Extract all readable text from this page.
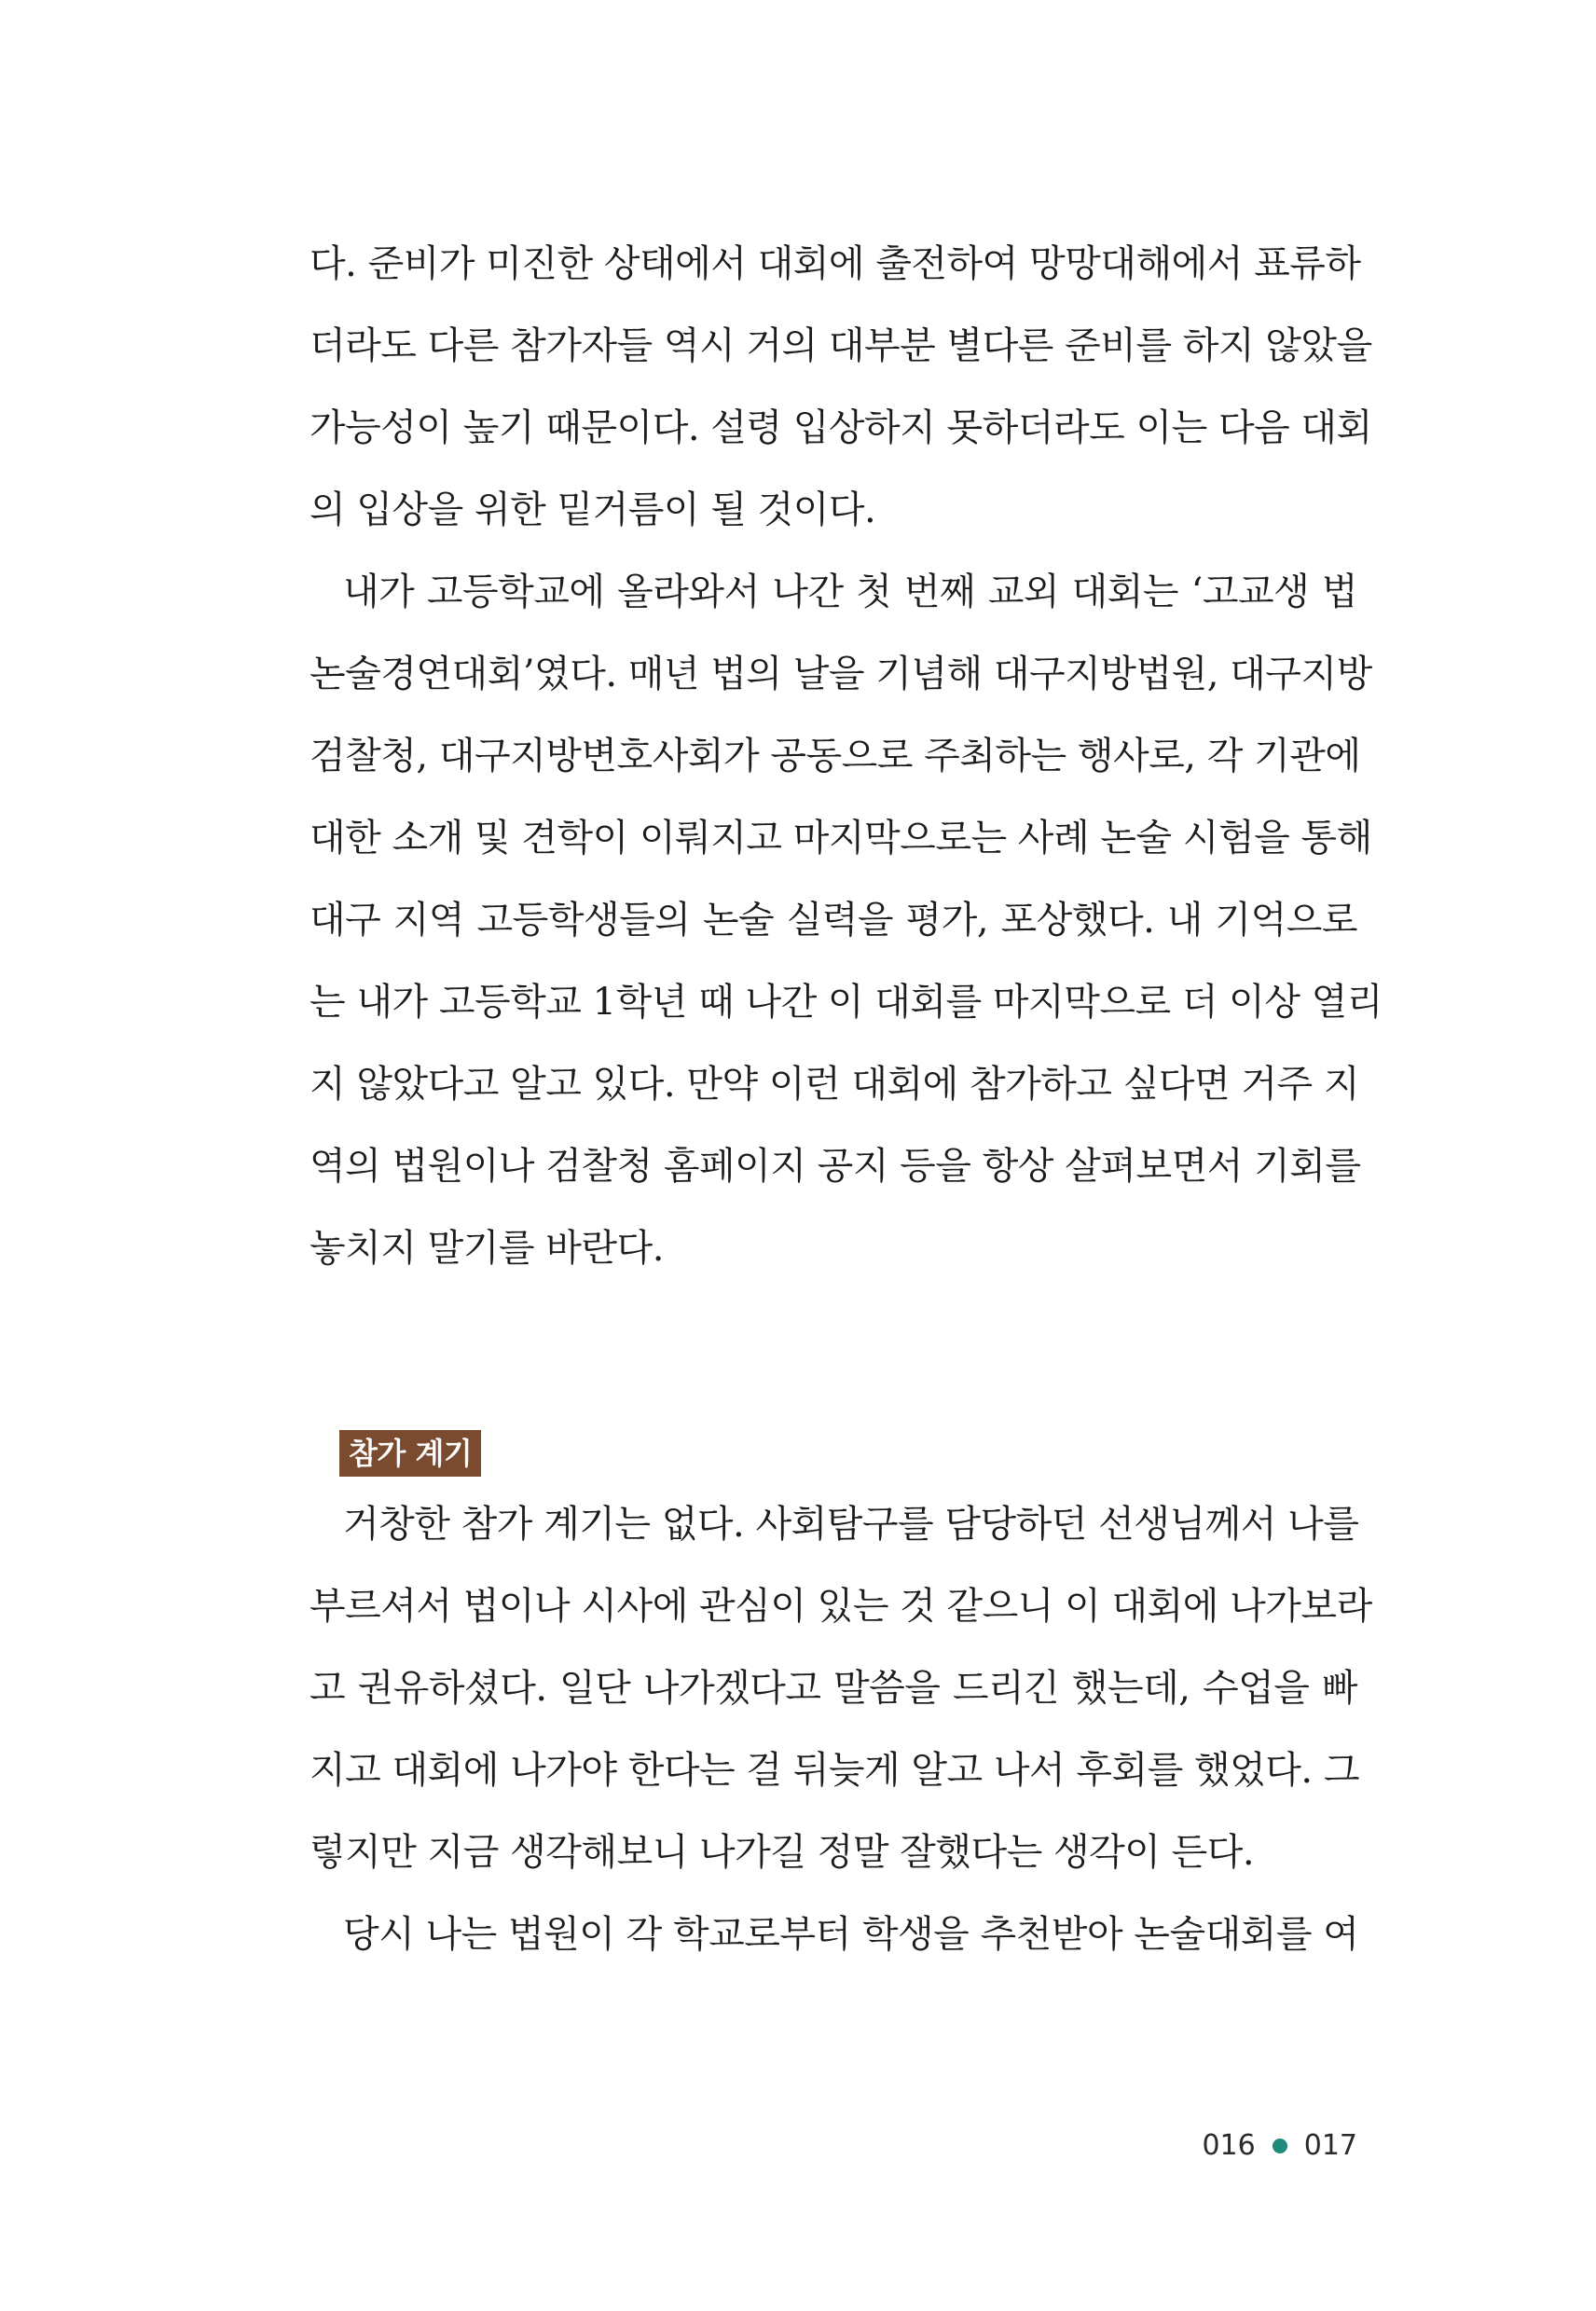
다. 준비가 미진한 상태에서 대회에 출전하여 망망대해에서 표류하
더라도 다른 참가자들 역시 거의 대부분 별다른 준비를 하지 않았을
가능성이 높기 때문이다. 설령 입상하지 못하더라도 이는 다음 대회
의 입상을 위한 밑거름이 될 것이다.
내가 고등학교에 올라와서 나간 첫 번째 교외 대회는 ‘고교생 법
논술경연대회’였다. 매년 법의 날을 기념해 대구지방법원, 대구지방
검찰청, 대구지방변호사회가 공동으로 주최하는 행사로, 각 기관에
대한 소개 및 견학이 이뤄지고 마지막으로는 사례 논술 시험을 통해
대구 지역 고등학생들의 논술 실력을 평가, 포상했다. 내 기억으로
는 내가 고등학교 1학년 때 나간 이 대회를 마지막으로 더 이상 열리
지 않았다고 알고 있다. 만약 이런 대회에 참가하고 싶다면 거주 지
역의 법원이나 검찰청 홈페이지 공지 등을 항상 살펴보면서 기회를
놓치지 말기를 바란다.
참가 계기
거창한 참가 계기는 없다. 사회탐구를 담당하던 선생님께서 나를
부르셔서 법이나 시사에 관심이 있는 것 같으니 이 대회에 나가보라
고 권유하셨다. 일단 나가겠다고 말씀을 드리긴 했는데, 수업을 빠
지고 대회에 나가야 한다는 걸 뒤늦게 알고 나서 후회를 했었다. 그
렇지만 지금 생각해보니 나가길 정말 잘했다는 생각이 든다.
당시 나는 법원이 각 학교로부터 학생을 추천받아 논술대회를 여
016 017
